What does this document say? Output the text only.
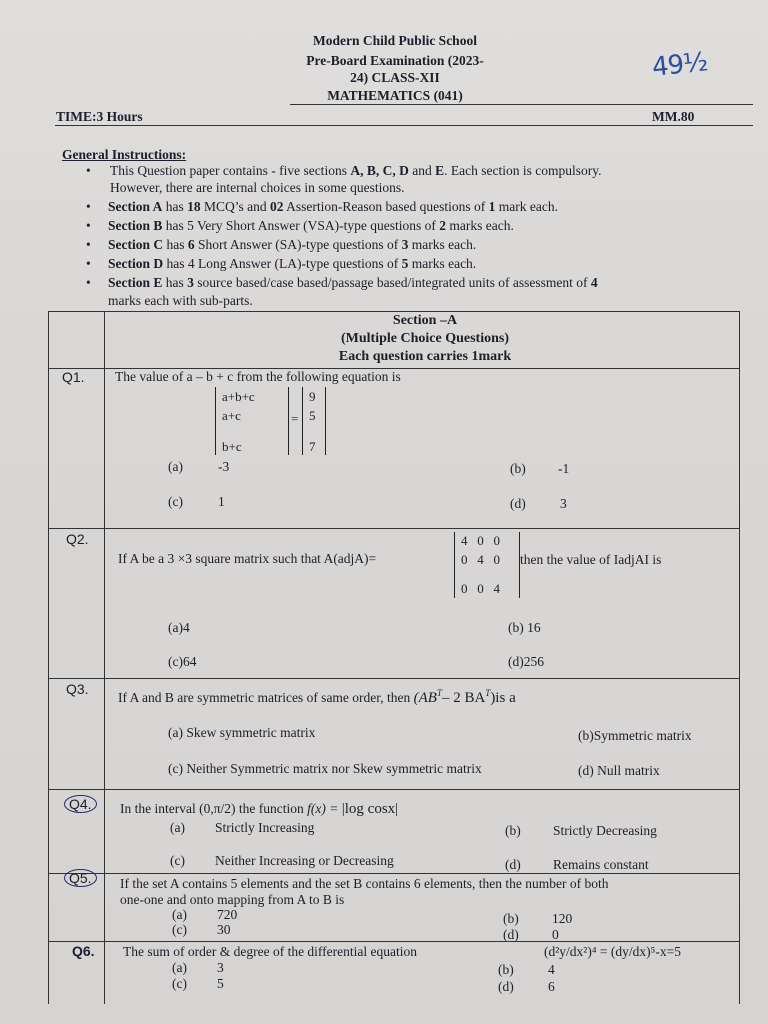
Modern Child Public School
Pre-Board Examination (2023-
24) CLASS-XII
MATHEMATICS (041)
49½
TIME:3 Hours	MM.80
General Instructions:
• This Question paper contains - five sections A, B, C, D and E. Each section is compulsory.
However, there are internal choices in some questions.
• Section A has 18 MCQ’s and 02 Assertion-Reason based questions of 1 mark each.
• Section B has 5 Very Short Answer (VSA)-type questions of 2 marks each.
• Section C has 6 Short Answer (SA)-type questions of 3 marks each.
• Section D has 4 Long Answer (LA)-type questions of 5 marks each.
• Section E has 3 source based/case based/passage based/integrated units of assessment of 4
marks each with sub-parts.
Section –A
(Multiple Choice Questions)
Each question carries 1mark
Q1. The value of a – b + c from the following equation is
a+b+c
a+c
b+c
=
9
5
7
(a)	-3	(b) -1
(c)	1	(d)	3
Q2.
If A be a 3 ×3 square matrix such that A(adjA)=
4 0 0
0 4 0
0 0 4
then the value of IadjAI is
(a)4	(b) 16
(c)64	(d)256
Q3.
If A and B are symmetric matrices of same order, then ($AB^T-$ 2 $BA^T)is$ a
(a) Skew symmetric matrix	(b)Symmetric matrix
(c) Neither Symmetric matrix nor Skew symmetric matrix	(d) Null matrix
Q4.	In the interval (0,π/2) the function f(x) = |log cosx|
(a) Strictly Increasing	(b) Strictly Decreasing
(c) Neither Increasing or Decreasing	(d) Remains constant
Q5.	If the set A contains 5 elements and the set B contains 6 elements, then the number of both
one-one and onto mapping from A to B is
(a) 720	(b) 120
(c) 30	(d) 0
Q6. The sum of order & degree of the differential equation	(d²y/dx²)⁴ = (dy/dx)⁵-x=5
(a) 3	(b)	4
(c) 5	(d)	6
